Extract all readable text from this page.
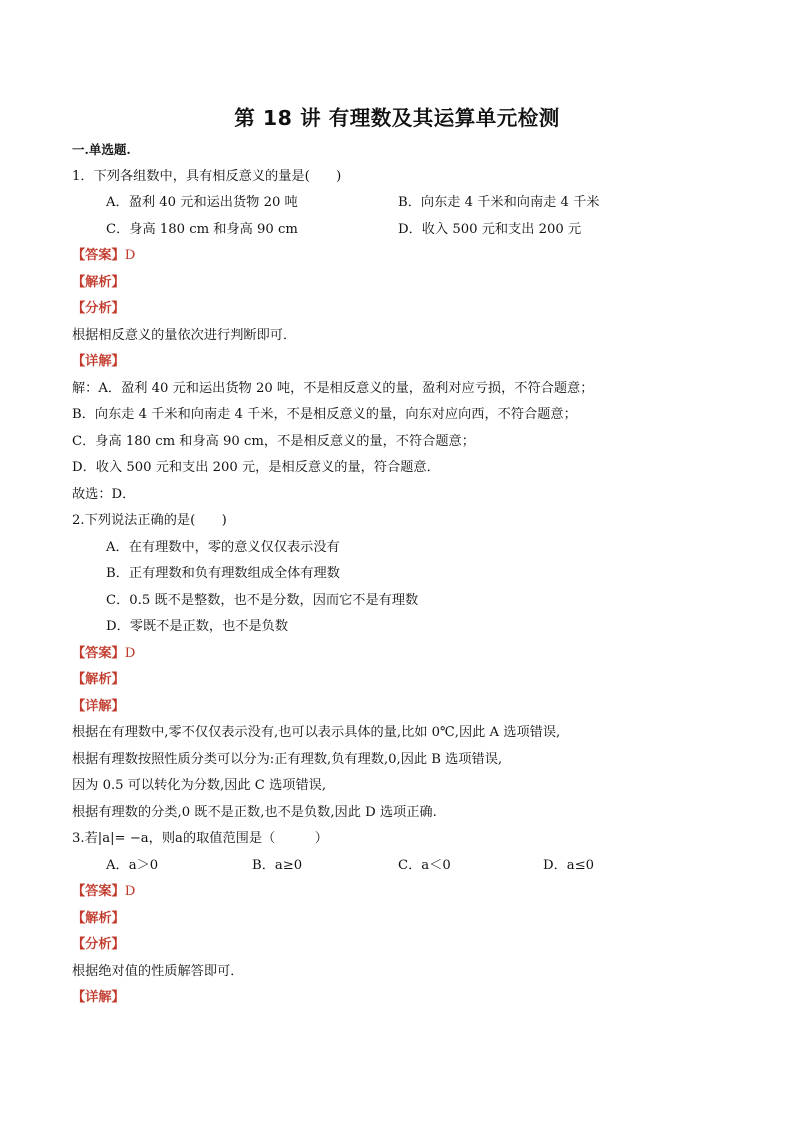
第 18 讲 有理数及其运算单元检测
一.单选题.
1．下列各组数中，具有相反意义的量是(　　)
A．盈利 40 元和运出货物 20 吨	B．向东走 4 千米和向南走 4 千米
C．身高 180 cm 和身高 90 cm	D．收入 500 元和支出 200 元
【答案】D
【解析】
【分析】
根据相反意义的量依次进行判断即可．
【详解】
解：A．盈利 40 元和运出货物 20 吨，不是相反意义的量，盈利对应亏损，不符合题意；
B．向东走 4 千米和向南走 4 千米，不是相反意义的量，向东对应向西，不符合题意；
C．身高 180 cm 和身高 90 cm，不是相反意义的量，不符合题意；
D．收入 500 元和支出 200 元，是相反意义的量，符合题意．
故选：D．
2.下列说法正确的是(　　)
A．在有理数中，零的意义仅仅表示没有
B．正有理数和负有理数组成全体有理数
C．0.5 既不是整数，也不是分数，因而它不是有理数
D．零既不是正数，也不是负数
【答案】D
【解析】
【详解】
根据在有理数中,零不仅仅表示没有,也可以表示具体的量,比如 0℃,因此 A 选项错误,
根据有理数按照性质分类可以分为:正有理数,负有理数,0,因此 B 选项错误,
因为 0.5 可以转化为分数,因此 C 选项错误,
根据有理数的分类,0 既不是正数,也不是负数,因此 D 选项正确.
3.若|a|= −a，则a的取值范围是（　　　）
A．a＞0	B．a≥0	C．a＜0	D．a≤0
【答案】D
【解析】
【分析】
根据绝对值的性质解答即可．
【详解】
